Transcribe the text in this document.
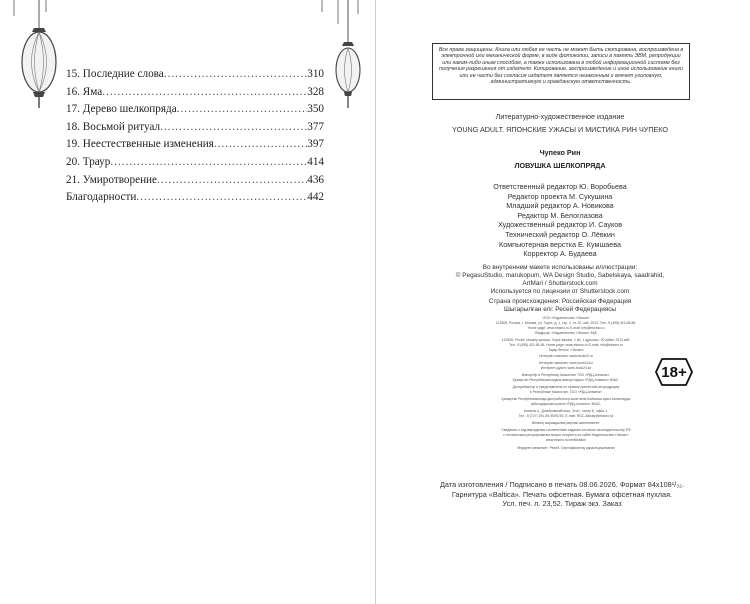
15. Последние слова .....	310
16. Яма .....	328
17. Дерево шелкопряда .....	350
18. Восьмой ритуал .....	377
19. Неестественные изменения .....	397
20. Траур .....	414
21. Умиротворение .....	436
Благодарности .....	442
Все права защищены. Книга или любая ее часть не может быть скопирована, воспроизведена в электронной или механической форме, в виде фотокопии, записи в память ЭВМ, репродукции или каким-либо иным способом, а также использована в любой информационной системе без получения разрешения от издателя. Копирование, воспроизведение и иное использование книги или ее части без согласия издателя является незаконным и влечет уголовную, административную и гражданскую ответственность.
Литературно-художественное издание
YOUNG ADULT. ЯПОНСКИЕ УЖАСЫ И МИСТИКА РИН ЧУПЕКО
Чупеко Рин
ЛОВУШКА ШЕЛКОПРЯДА
Ответственный редактор Ю. Воробьева
Редактор проекта М. Сукушина
Младший редактор А. Новикова
Редактор М. Белоглазова
Художественный редактор И. Сауков
Технический редактор О. Лёвкин
Компьютерная верстка Е. Кумшаева
Корректор А. Будаева
Во внутреннем макете использованы иллюстрации:
© PegasuStudio, marukopum, WA Design Studio, Sabelskaya, saadrahid,
ArtMari / Shutterstock.com
Используется по лицензии от Shutterstock.com
Страна происхождения: Российская Федерация
Шыгарылған елі: Ресей Федерациясы
ООО «Издательство «Эксмо»
123308, Россия, г. Москва, ул. Зорге, д. 1, стр. 1, эт. 20, каб. 2013. Тел.: 8 (495) 411-68-86.
Home page: www.eksmo.ru E-mail: info@eksmo.ru
Өндіруші: «Издательство «Эксмо» АҚБ
123308, Ресей, Мәскеу қаласы, Зорге көшесі, 1 үй, 1 құрылыс, 20 қабат, 2013 каб.
Тел.: 8 (495) 411-68-86. Home page: www.eksmo.ru E-mail: info@eksmo.ru
Тауар белгісі: «Эксмо»
Интернет-магазин: www.book24.ru
Интернет-магазин: www.book24.kz
Интернет-дүкен: www.book24.kz
Импортёр в Республику Казахстан ТОО «РДЦ-Алматы».
Қазақстан Республикасындағы импорттаушы «РДЦ-Алматы» ЖШС.
Дистрибьютор и представитель по приему претензий на продукцию
в Республике Казахстан: ТОО «РДЦ-Алматы»
Қазақстан Республикасында дистрибьютор және өнім бойынша арыз-талаптарды
қабылдаушының өкілі «РДЦ-Алматы» ЖШС,
Алматы қ., Домбровский көш., 3«а», литер Б, офис 1.
Тел.: 8 (727) 251-59-90/91/92. E-mail: RDC-Almaty@eksmo.kz
Өнімнің жарамдылық мерзімі шектелмеген.
Сведения о подтверждении соответствия издания согласно законодательству РФ
о техническом регулировании можно получить на сайте Издательства «Эксмо»:
www.eksmo.ru/certification
Өндірген мемлекет: Ресей. Сертификаттау қарастырылмаған
18+
Дата изготовления / Подписано в печать 08.06.2026. Формат 84x108¹/₃₂.
Гарнитура «Baltica». Печать офсетная. Бумага офсетная пухлая.
Усл. печ. л. 23,52. Тираж экз. Заказ
